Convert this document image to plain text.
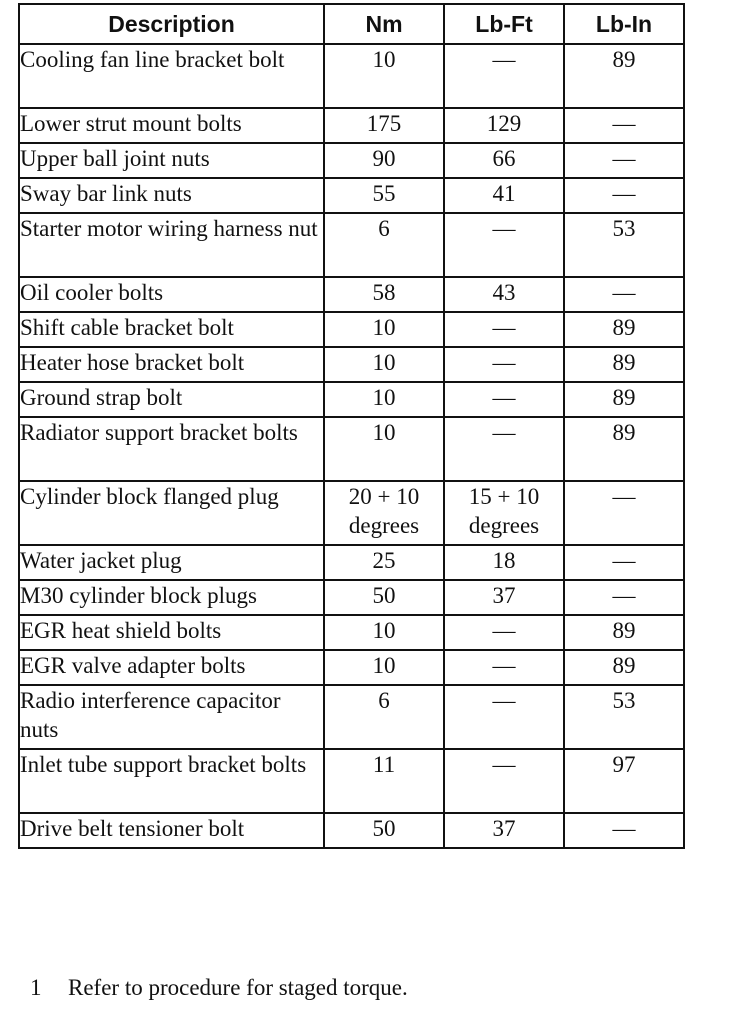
Description	Nm	Lb-Ft	Lb-In
Cooling fan line bracket bolt	10	—	89
Lower strut mount bolts	175	129	—
Upper ball joint nuts	90	66	—
Sway bar link nuts	55	41	—
Starter motor wiring harness nut	6	—	53
Oil cooler bolts	58	43	—
Shift cable bracket bolt	10	—	89
Heater hose bracket bolt	10	—	89
Ground strap bolt	10	—	89
Radiator support bracket bolts	10	—	89
Cylinder block flanged plug	20 + 10 degrees	15 + 10 degrees	—
Water jacket plug	25	18	—
M30 cylinder block plugs	50	37	—
EGR heat shield bolts	10	—	89
EGR valve adapter bolts	10	—	89
Radio interference capacitor nuts	6	—	53
Inlet tube support bracket bolts	11	—	97
Drive belt tensioner bolt	50	37	—
1 Refer to procedure for staged torque.
